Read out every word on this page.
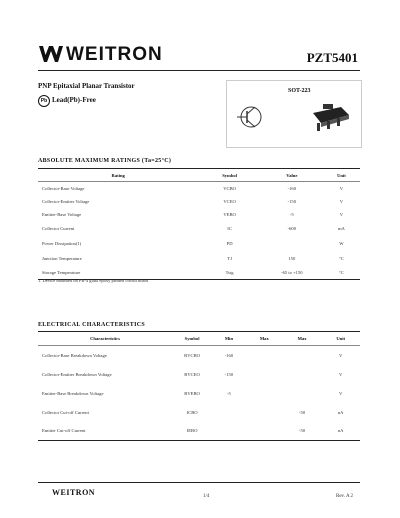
WEITRON	PZT5401
PNP Epitaxial Planar Transistor
Pb Lead(Pb)-Free
SOT-223
ABSOLUTE MAXIMUM RATINGS (Ta=25°C)
Rating	Symbol	Value	Unit
Collector-Base Voltage	VCBO	-160	V
Collector-Emitter Voltage	VCEO	-150	V
Emitter-Base Voltage	VEBO	-5	V
Collector Current	IC	-600	mA
Power Dissipation(1)	PD		W
Junction Temperature	TJ	150	°C
Storage Temperature	Tstg	-65 to +150	°C
1. Device mounted on FR-4 glass epoxy printed circuit board
ELECTRICAL CHARACTERISTICS
Characteristics	Symbol	Min	Max	Max	Unit
Collector-Base Breakdown Voltage	BVCBO	-160			V
Collector-Emitter Breakdown Voltage	BVCEO	-150			V
Emitter-Base Breakdown Voltage	BVEBO	-5			V
Collector Cut-off Current	ICBO			-50	nA
Emitter Cut-off Current	IEBO			-50	nA
WEITRON	1/4	Rev. A 2
